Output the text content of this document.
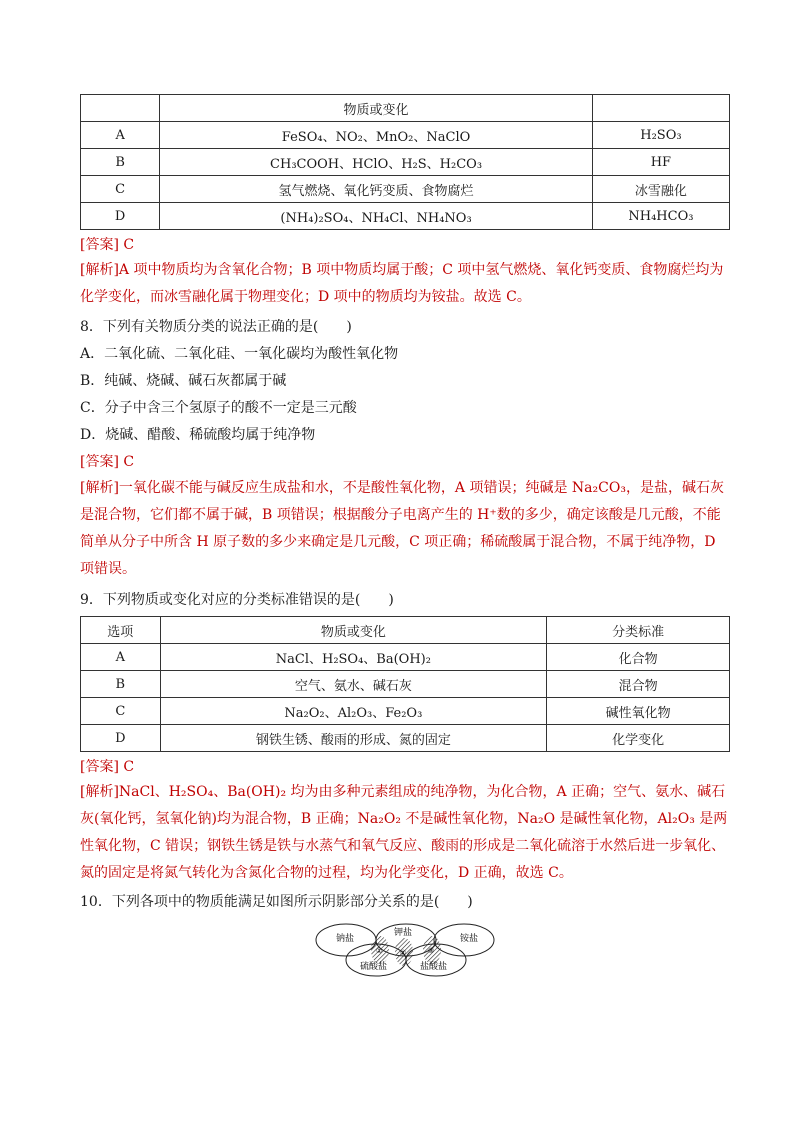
	物质或变化	
A	FeSO₄、NO₂、MnO₂、NaClO	H₂SO₃
B	CH₃COOH、HClO、H₂S、H₂CO₃	HF
C	氢气燃烧、氧化钙变质、食物腐烂	冰雪融化
D	(NH₄)₂SO₄、NH₄Cl、NH₄NO₃	NH₄HCO₃
[答案] C
[解析]A 项中物质均为含氧化合物；B 项中物质均属于酸；C 项中氢气燃烧、氧化钙变质、食物腐烂均为化学变化，而冰雪融化属于物理变化；D 项中的物质均为铵盐。故选 C。
8．下列有关物质分类的说法正确的是(　　)
A．二氧化硫、二氧化硅、一氧化碳均为酸性氧化物
B．纯碱、烧碱、碱石灰都属于碱
C．分子中含三个氢原子的酸不一定是三元酸
D．烧碱、醋酸、稀硫酸均属于纯净物
[答案] C
[解析]一氧化碳不能与碱反应生成盐和水，不是酸性氧化物，A 项错误；纯碱是 Na₂CO₃，是盐，碱石灰是混合物，它们都不属于碱，B 项错误；根据酸分子电离产生的 H⁺数的多少，确定该酸是几元酸，不能简单从分子中所含 H 原子数的多少来确定是几元酸，C 项正确；稀硫酸属于混合物，不属于纯净物，D 项错误。
9．下列物质或变化对应的分类标准错误的是(　　)
选项	物质或变化	分类标准
A	NaCl、H₂SO₄、Ba(OH)₂	化合物
B	空气、氨水、碱石灰	混合物
C	Na₂O₂、Al₂O₃、Fe₂O₃	碱性氧化物
D	钢铁生锈、酸雨的形成、氮的固定	化学变化
[答案] C
[解析]NaCl、H₂SO₄、Ba(OH)₂ 均为由多种元素组成的纯净物，为化合物，A 正确；空气、氨水、碱石灰(氧化钙，氢氧化钠)均为混合物，B 正确；Na₂O₂ 不是碱性氧化物，Na₂O 是碱性氧化物，Al₂O₃ 是两性氧化物，C 错误；钢铁生锈是铁与水蒸气和氧气反应、酸雨的形成是二氧化硫溶于水然后进一步氧化、氮的固定是将氮气转化为含氮化合物的过程，均为化学变化，D 正确，故选 C。
10．下列各项中的物质能满足如图所示阴影部分关系的是(　　)
钠盐
钾盐
铵盐
硫酸盐	盐酸盐
①	②	③
